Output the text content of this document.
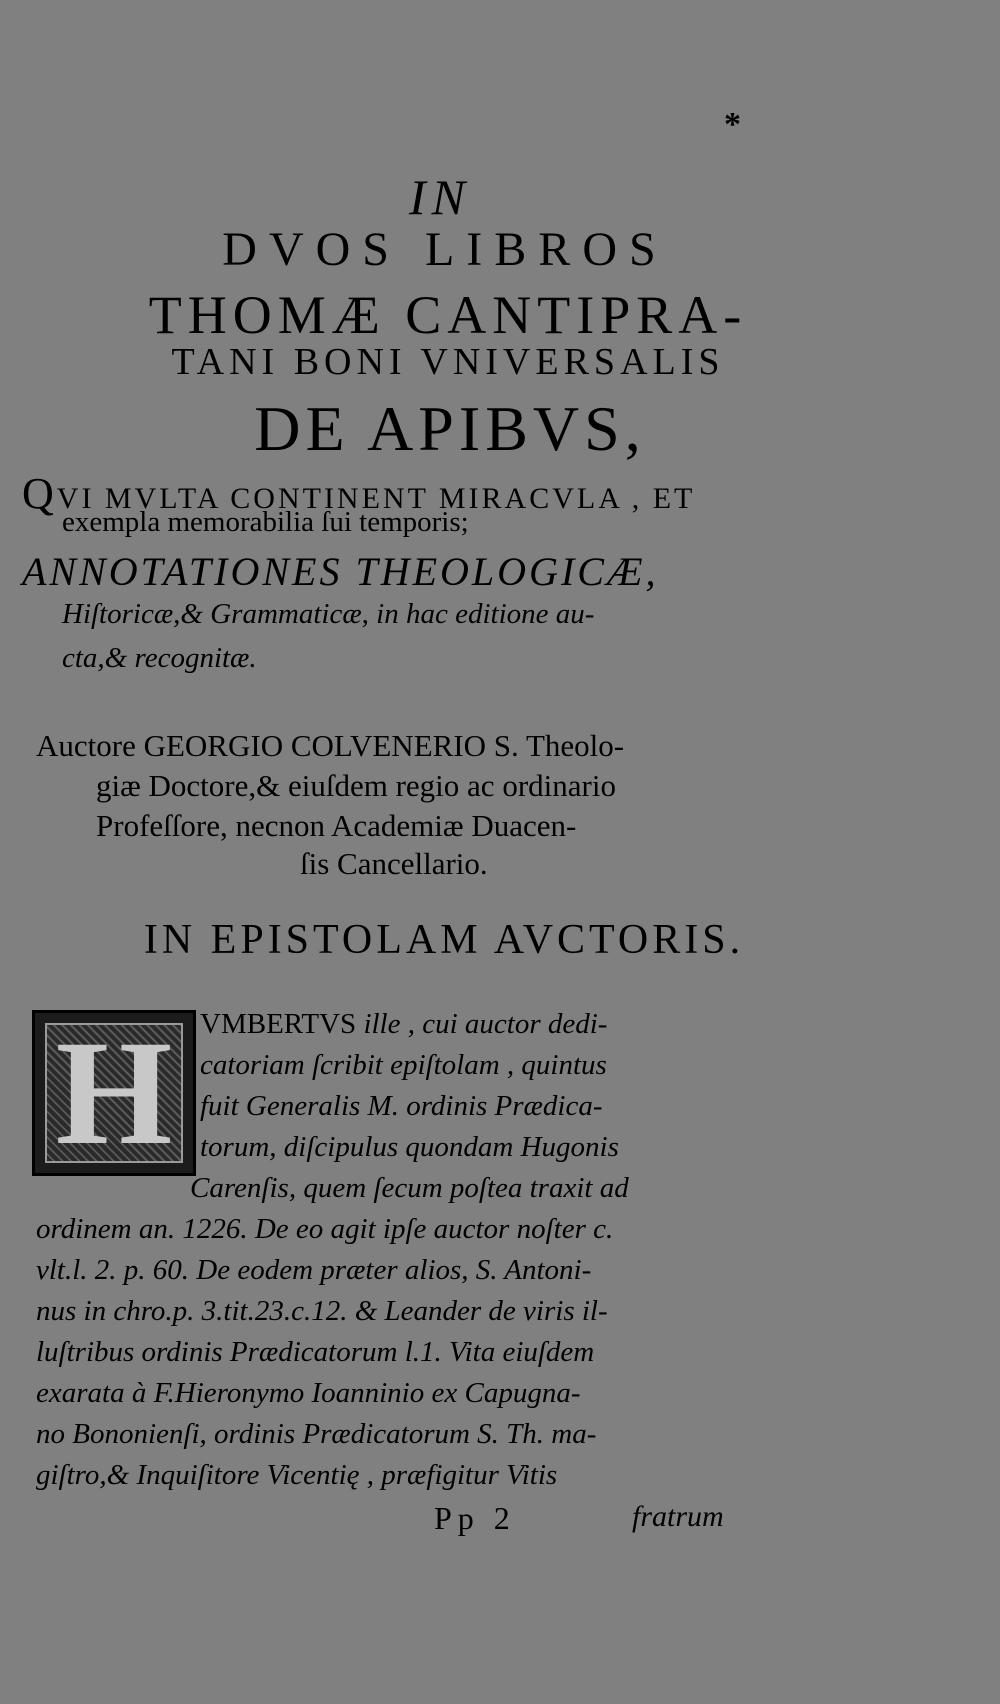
*
IN
DVOS LIBROS
THOMÆ CANTIPRA-
TANI BONI VNIVERSALIS
DE APIBVS,
QVI MVLTA CONTINENT MIRACVLA , ET
exempla memorabilia ſui temporis;
ANNOTATIONES THEOLOGICÆ,
Hiſtoricæ,& Grammaticæ, in hac editione au-
cta,& recognitæ.
Auctore GEORGIO COLVENERIO S. Theolo-
giæ Doctore,& eiuſdem regio ac ordinario
Profeſſore, necnon Academiæ Duacen-
ſis Cancellario.
IN EPISTOLAM AVCTORIS.
H VMBERTVS ille , cui auctor dedi-
catoriam ſcribit epiſtolam , quintus
fuit Generalis M. ordinis Prædica-
torum, diſcipulus quondam Hugonis
Carenſis, quem ſecum poſtea traxit ad
ordinem an. 1226. De eo agit ipſe auctor noſter c.
vlt.l. 2. p. 60. De eodem præter alios, S. Antoni-
nus in chro.p. 3.tit.23.c.12. & Leander de viris il-
luſtribus ordinis Prædicatorum l.1. Vita eiuſdem
exarata à F.Hieronymo Ioanninio ex Capugna-
no Bononienſi, ordinis Prædicatorum S. Th. ma-
giſtro,& Inquiſitore Vicentię , præfigitur Vitis
Pp 2	fratrum
